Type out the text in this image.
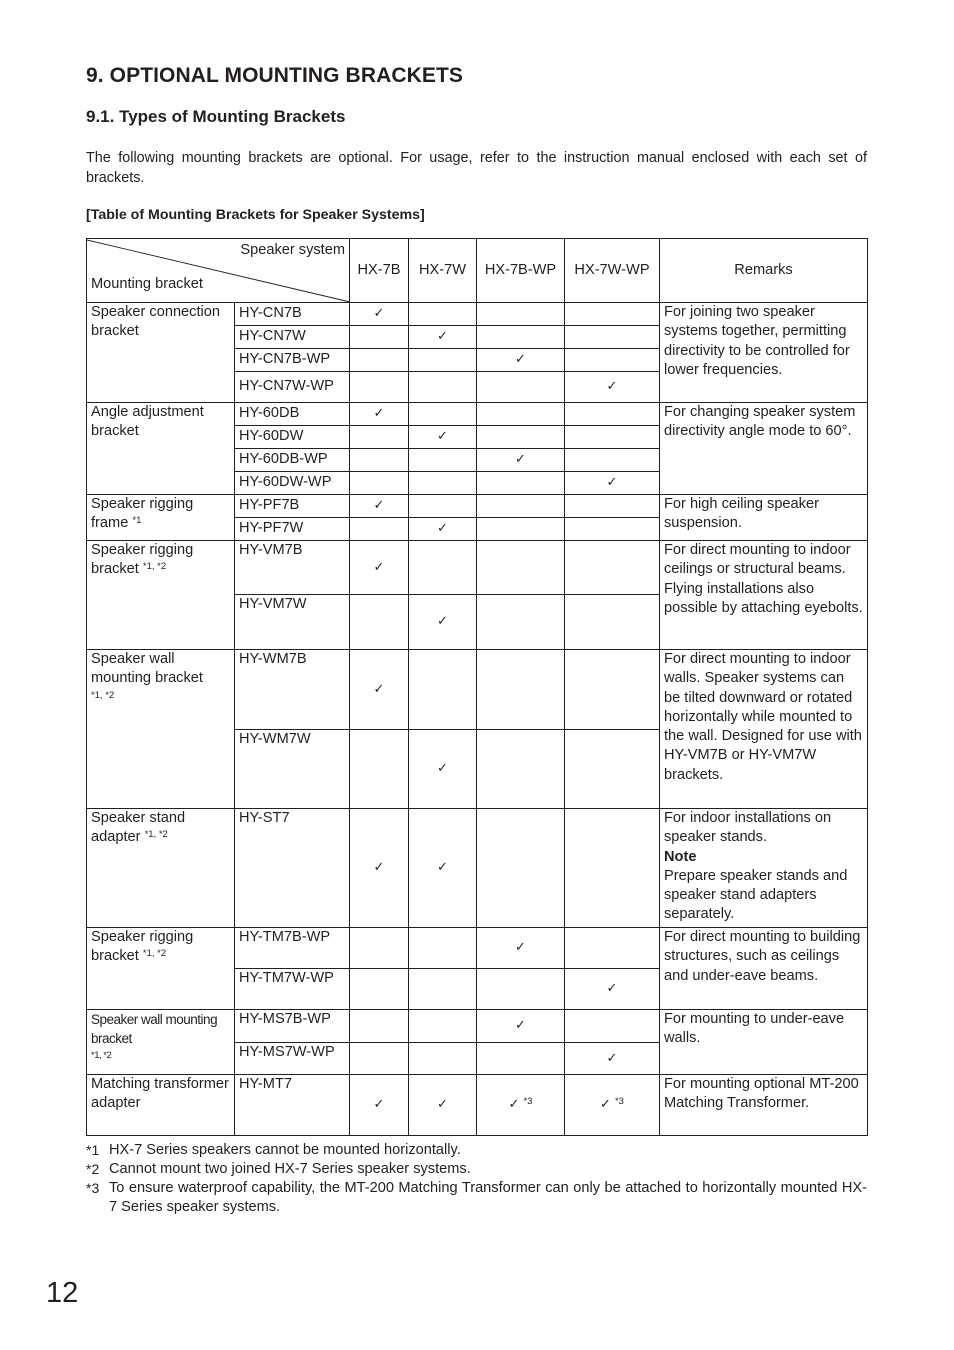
9. OPTIONAL MOUNTING BRACKETS
9.1. Types of Mounting Brackets

The following mounting brackets are optional. For usage, refer to the instruction manual enclosed with each set of brackets.

[Table of Mounting Brackets for Speaker Systems]

Speaker system
Mounting bracket		HX-7B	HX-7W	HX-7B-WP	HX-7W-WP	Remarks
Speaker connection bracket	HY-CN7B	✓				For joining two speaker systems together, permitting directivity to be controlled for lower frequencies.
	HY-CN7W		✓			
	HY-CN7B-WP			✓		
	HY-CN7W-WP				✓	
Angle adjustment bracket	HY-60DB	✓				For changing speaker system directivity angle mode to 60°.
	HY-60DW		✓			
	HY-60DB-WP			✓		
	HY-60DW-WP				✓	
Speaker rigging frame $^{*1}$	HY-PF7B	✓				For high ceiling speaker suspension.
	HY-PF7W		✓			
Speaker rigging bracket $^{*1, *2}$	HY-VM7B	✓				For direct mounting to indoor ceilings or structural beams. Flying installations also possible by attaching eyebolts.
	HY-VM7W		✓			
Speaker wall mounting bracket
$^{*1, *2}$	HY-WM7B	✓				For direct mounting to indoor walls. Speaker systems can be tilted downward or rotated horizontally while mounted to the wall. Designed for use with HY-VM7B or HY-VM7W brackets.
	HY-WM7W		✓			
Speaker stand adapter $^{*1, *2}$	HY-ST7	✓	✓			For indoor installations on speaker stands.
Note
Prepare speaker stands and speaker stand adapters separately.

Speaker rigging bracket $^{*1, *2}$	HY-TM7B-WP			✓		For direct mounting to building structures, such as ceilings and under-eave beams.
	HY-TM7W-WP				✓	
Speaker wall mounting bracket
$^{*1, *2}$	HY-MS7B-WP			✓		For mounting to under-eave walls.
	HY-MS7W-WP				✓	
Matching transformer adapter	HY-MT7	✓	✓	✓ $^{*3}$	✓ $^{*3}$	For mounting optional MT-200 Matching Transformer.
*1 HX-7 Series speakers cannot be mounted horizontally.
*2 Cannot mount two joined HX-7 Series speaker systems.
*3 To ensure waterproof capability, the MT-200 Matching Transformer can only be attached to horizontally mounted HX-7 Series speaker systems.
12
